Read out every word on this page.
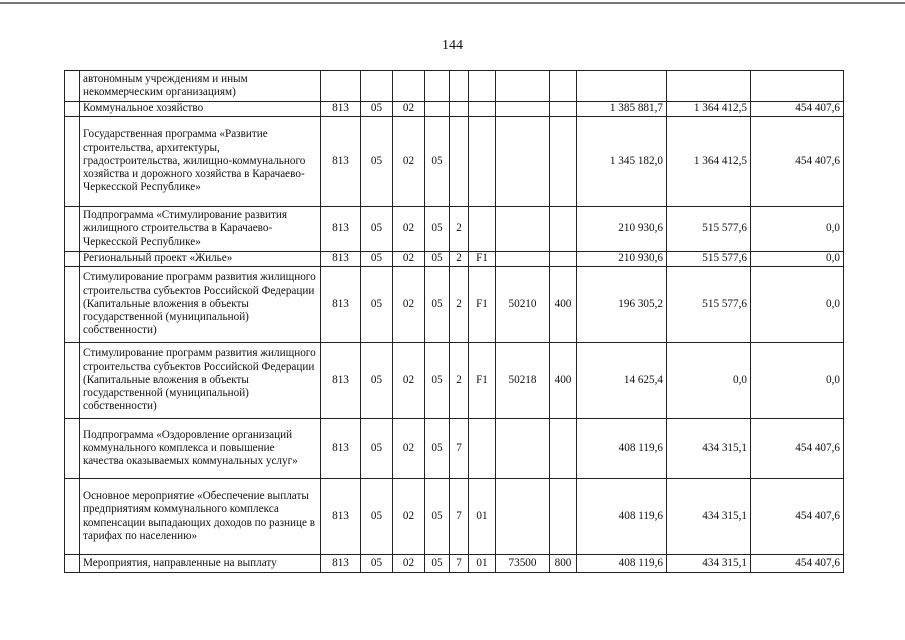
144
	автономным учреждениям и иным некоммерческим организациям)											
	Коммунальное хозяйство	813	05	02						1 385 881,7	1 364 412,5	454 407,6
	Государственная программа «Развитие строительства, архитектуры, градостроительства, жилищно-коммунального хозяйства и дорожного хозяйства в Карачаево-Черкесской Республике»	813	05	02	05					1 345 182,0	1 364 412,5	454 407,6
	Подпрограмма «Стимулирование развития жилищного строительства в Карачаево-Черкесской Республике»	813	05	02	05	2				210 930,6	515 577,6	0,0
	Региональный проект «Жилье»	813	05	02	05	2	F1			210 930,6	515 577,6	0,0
	Стимулирование программ развития жилищного строительства субъектов Российской Федерации (Капитальные вложения в объекты государственной (муниципальной) собственности)	813	05	02	05	2	F1	50210	400	196 305,2	515 577,6	0,0
	Стимулирование программ развития жилищного строительства субъектов Российской Федерации (Капитальные вложения в объекты государственной (муниципальной) собственности)	813	05	02	05	2	F1	50218	400	14 625,4	0,0	0,0
	Подпрограмма «Оздоровление организаций коммунального комплекса и повышение качества оказываемых коммунальных услуг»	813	05	02	05	7				408 119,6	434 315,1	454 407,6
	Основное мероприятие «Обеспечение выплаты предприятиям коммунального комплекса компенсации выпадающих доходов по разнице в тарифах по населению»	813	05	02	05	7	01			408 119,6	434 315,1	454 407,6
	Мероприятия, направленные на выплату	813	05	02	05	7	01	73500	800	408 119,6	434 315,1	454 407,6
